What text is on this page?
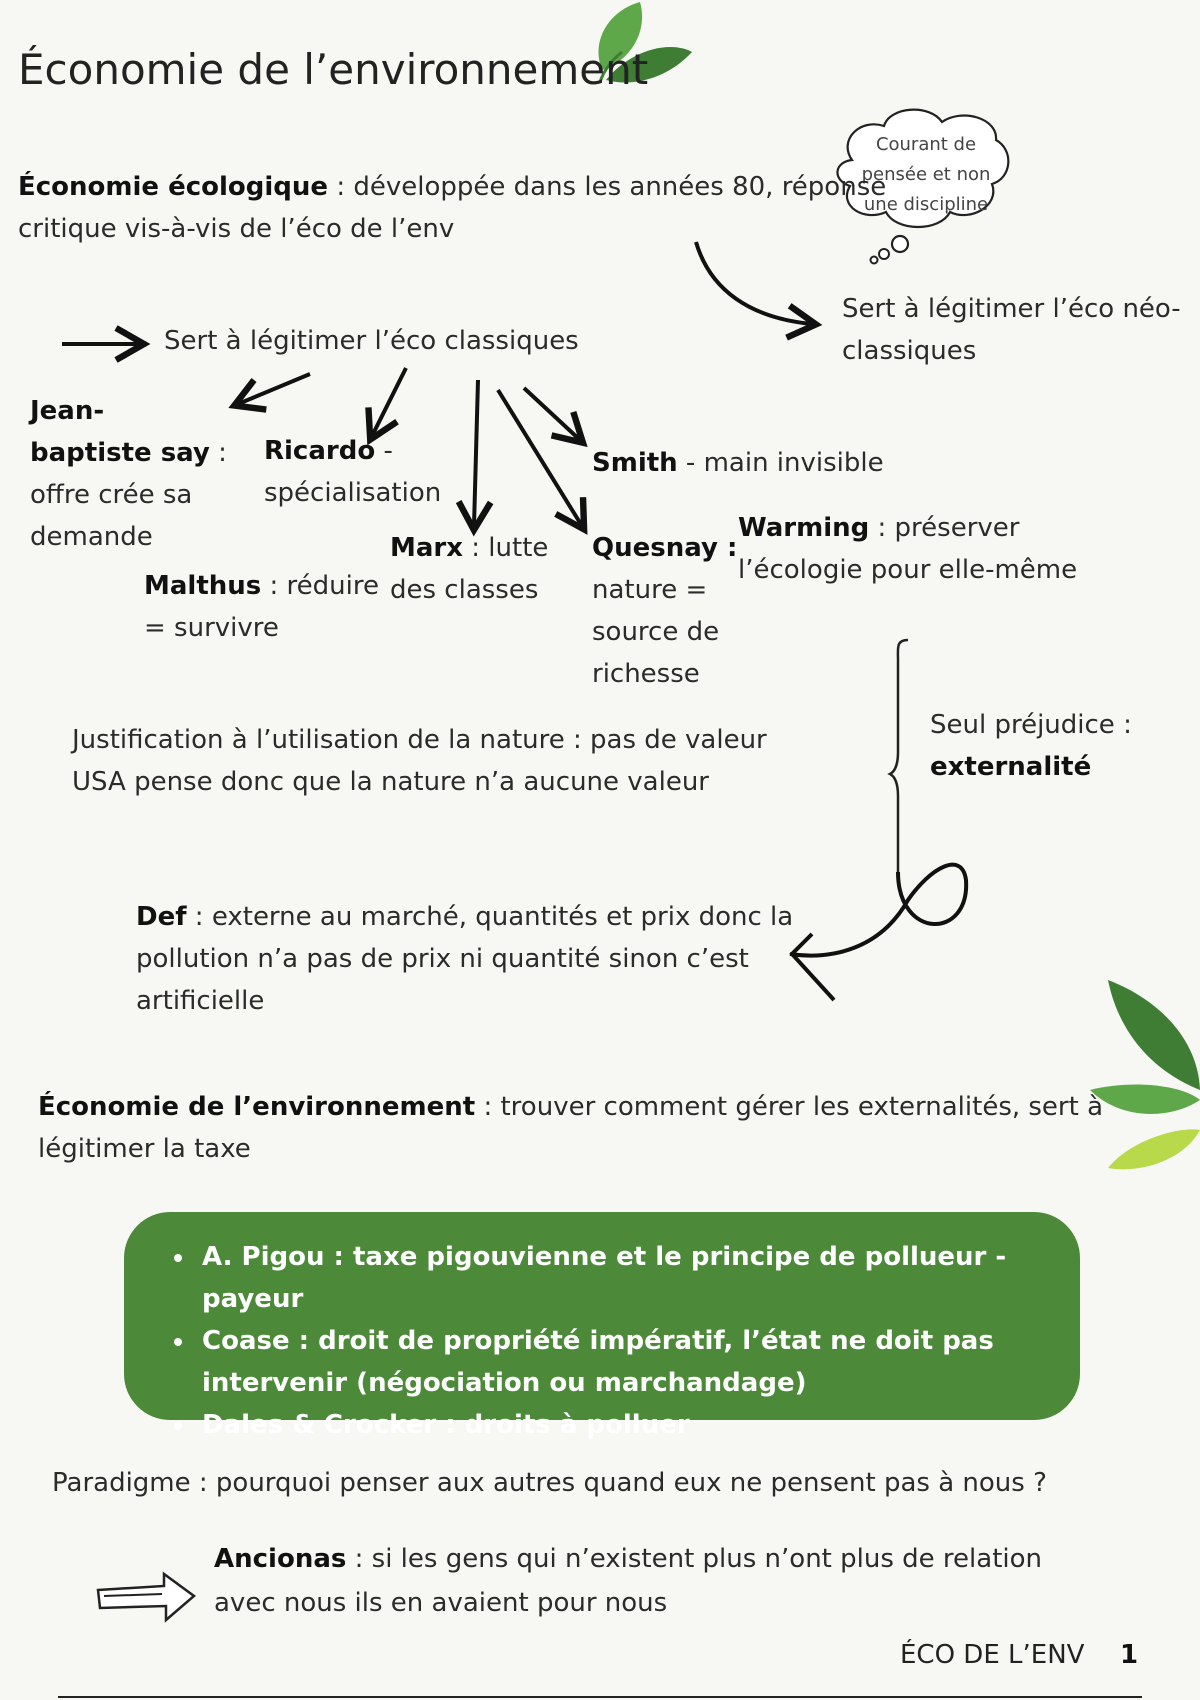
Économie de l’environnement
Courant de pensée et non une discipline
Économie écologique : développée dans les années 80, réponse
critique vis-à-vis de l’éco de l’env
Sert à légitimer l’éco néo-
classiques
Sert à légitimer l’éco classiques
Jean-
baptiste say :
offre crée sa
demande
Ricardo -
spécialisation
Smith - main invisible
Warming : préserver
l’écologie pour elle-même
Marx : lutte
des classes
Quesnay :
nature =
source de
richesse
Malthus : réduire
= survivre
Justification à l’utilisation de la nature : pas de valeur
USA pense donc que la nature n’a aucune valeur
Seul préjudice :
externalité
Def : externe au marché, quantités et prix donc la
pollution n’a pas de prix ni quantité sinon c’est
artificielle
Économie de l’environnement : trouver comment gérer les externalités, sert à
légitimer la taxe
• A. Pigou : taxe pigouvienne et le principe de pollueur - payeur
• Coase : droit de propriété impératif, l’état ne doit pas intervenir (négociation ou marchandage)
• Dales & Crocker : droits à polluer
Paradigme : pourquoi penser aux autres quand eux ne pensent pas à nous ?
Ancionas : si les gens qui n’existent plus n’ont plus de relation
avec nous ils en avaient pour nous
ÉCO DE L’ENV 1
